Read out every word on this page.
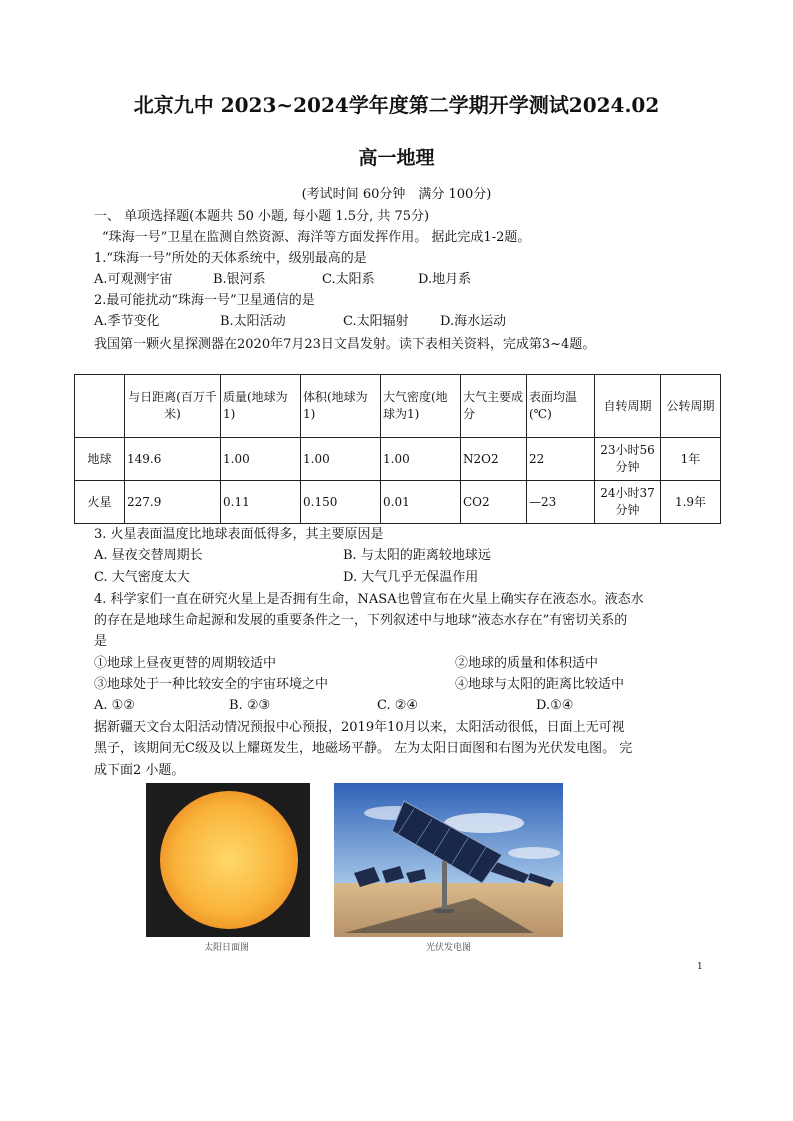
北京九中 2023~2024学年度第二学期开学测试2024.02
高一地理
(考试时间 60分钟　满分 100分)
一、 单项选择题(本题共 50 小题, 每小题 1.5分, 共 75分)
“珠海一号”卫星在监测自然资源、海洋等方面发挥作用。 据此完成1-2题。
1.“珠海一号”所处的天体系统中，级别最高的是
A.可观测宇宙	B.银河系	C.太阳系	D.地月系
2.最可能扰动“珠海一号”卫星通信的是
A.季节变化	B.太阳活动	C.太阳辐射 D.海水运动
我国第一颗火星探测器在2020年7月23日文昌发射。读下表相关资料，完成第3~4题。
	与日距离(百万千米)	质量(地球为1)	体积(地球为1)	大气密度(地球为1)	大气主要成分	表面均温(℃)	自转周期	公转周期
地球	149.6	1.00	1.00	1.00	N2O2	22	23小时56分钟	1年
火星	227.9	0.11	0.150	0.01	CO2	—23	24小时37分钟	1.9年
3. 火星表面温度比地球表面低得多，其主要原因是
A. 昼夜交替周期长	B. 与太阳的距离较地球远
C. 大气密度太大	D. 大气几乎无保温作用
4. 科学家们一直在研究火星上是否拥有生命，NASA也曾宣布在火星上确实存在液态水。液态水
的存在是地球生命起源和发展的重要条件之一，下列叙述中与地球“液态水存在”有密切关系的
是
①地球上昼夜更替的周期较适中	②地球的质量和体积适中
③地球处于一种比较安全的宇宙环境之中	④地球与太阳的距离比较适中
A. ①②	B. ②③	C. ②④	D.①④
据新疆天文台太阳活动情况预报中心预报，2019年10月以来，太阳活动很低，日面上无可视
黑子，该期间无C级及以上耀斑发生，地磁场平静。 左为太阳日面图和右图为光伏发电图。 完
成下面2 小题。
太阳日面图	光伏发电图
1
